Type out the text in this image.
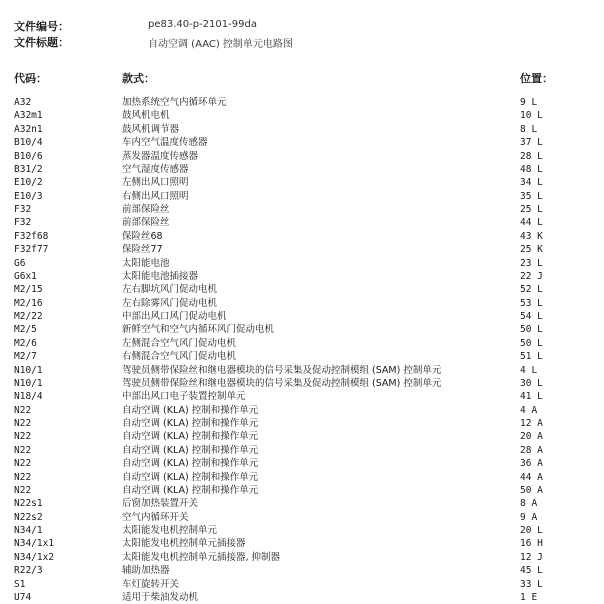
文件编号：	pe83.40-p-2101-99da
文件标题：	自动空调 (AAC) 控制单元电路图
代码：	款式：	位置：
A32	加热系统空气内循环单元	9 L
A32m1	鼓风机电机	10 L
A32n1	鼓风机调节器	8 L
B10/4	车内空气温度传感器	37 L
B10/6	蒸发器温度传感器	28 L
B31/2	空气湿度传感器	48 L
E10/2	左侧出风口照明	34 L
E10/3	右侧出风口照明	35 L
F32	前部保险丝	25 L
F32	前部保险丝	44 L
F32f68	保险丝68	43 K
F32f77	保险丝77	25 K
G6	太阳能电池	23 L
G6x1	太阳能电池插接器	22 J
M2/15	左右脚坑风门促动电机	52 L
M2/16	左右除雾风门促动电机	53 L
M2/22	中部出风口风门促动电机	54 L
M2/5	新鲜空气和空气内循环风门促动电机	50 L
M2/6	左侧混合空气风门促动电机	50 L
M2/7	右侧混合空气风门促动电机	51 L
N10/1	驾驶员侧带保险丝和继电器模块的信号采集及促动控制模组 (SAM) 控制单元	4 L
N10/1	驾驶员侧带保险丝和继电器模块的信号采集及促动控制模组 (SAM) 控制单元	30 L
N18/4	中部出风口电子装置控制单元	41 L
N22	自动空调 (KLA) 控制和操作单元	4 A
N22	自动空调 (KLA) 控制和操作单元	12 A
N22	自动空调 (KLA) 控制和操作单元	20 A
N22	自动空调 (KLA) 控制和操作单元	28 A
N22	自动空调 (KLA) 控制和操作单元	36 A
N22	自动空调 (KLA) 控制和操作单元	44 A
N22	自动空调 (KLA) 控制和操作单元	50 A
N22s1	后窗加热装置开关	8 A
N22s2	空气内循环开关	9 A
N34/1	太阳能发电机控制单元	20 L
N34/1x1	太阳能发电机控制单元插接器	16 H
N34/1x2	太阳能发电机控制单元插接器, 抑制器	12 J
R22/3	辅助加热器	45 L
S1	车灯旋转开关	33 L
U74	适用于柴油发动机	1 E
